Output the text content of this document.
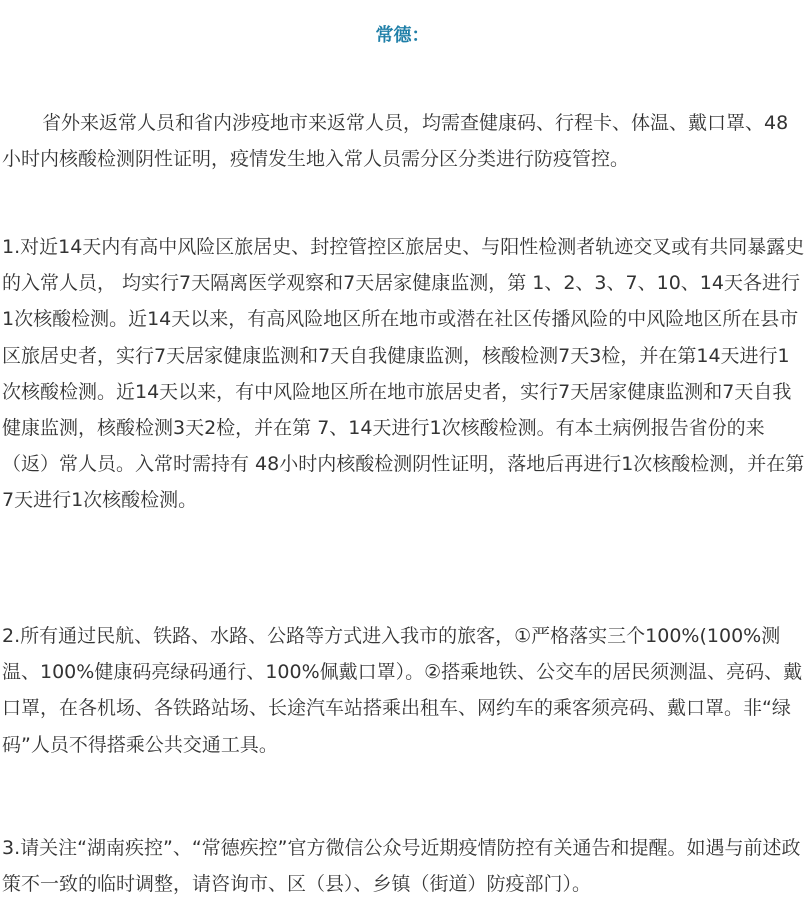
常德：

省外来返常人员和省内涉疫地市来返常人员，均需查健康码、行程卡、体温、戴口罩、48小时内核酸检测阴性证明，疫情发生地入常人员需分区分类进行防疫管控。

1.对近14天内有高中风险区旅居史、封控管控区旅居史、与阳性检测者轨迹交叉或有共同暴露史的入常人员， 均实行7天隔离医学观察和7天居家健康监测，第 1、2、3、7、10、14天各进行1次核酸检测。近14天以来，有高风险地区所在地市或潜在社区传播风险的中风险地区所在县市区旅居史者，实行7天居家健康监测和7天自我健康监测，核酸检测7天3检，并在第14天进行1次核酸检测。近14天以来，有中风险地区所在地市旅居史者，实行7天居家健康监测和7天自我健康监测，核酸检测3天2检，并在第 7、14天进行1次核酸检测。有本土病例报告省份的来（返）常人员。入常时需持有 48小时内核酸检测阴性证明，落地后再进行1次核酸检测，并在第7天进行1次核酸检测。

2.所有通过民航、铁路、水路、公路等方式进入我市的旅客，①严格落实三个100%(100%测温、100%健康码亮绿码通行、100%佩戴口罩）。②搭乘地铁、公交车的居民须测温、亮码、戴口罩，在各机场、各铁路站场、长途汽车站搭乘出租车、网约车的乘客须亮码、戴口罩。非“绿码”人员不得搭乘公共交通工具。

3.请关注“湖南疾控”、“常德疾控”官方微信公众号近期疫情防控有关通告和提醒。如遇与前述政策不一致的临时调整，请咨询市、区（县）、乡镇（街道）防疫部门）。
